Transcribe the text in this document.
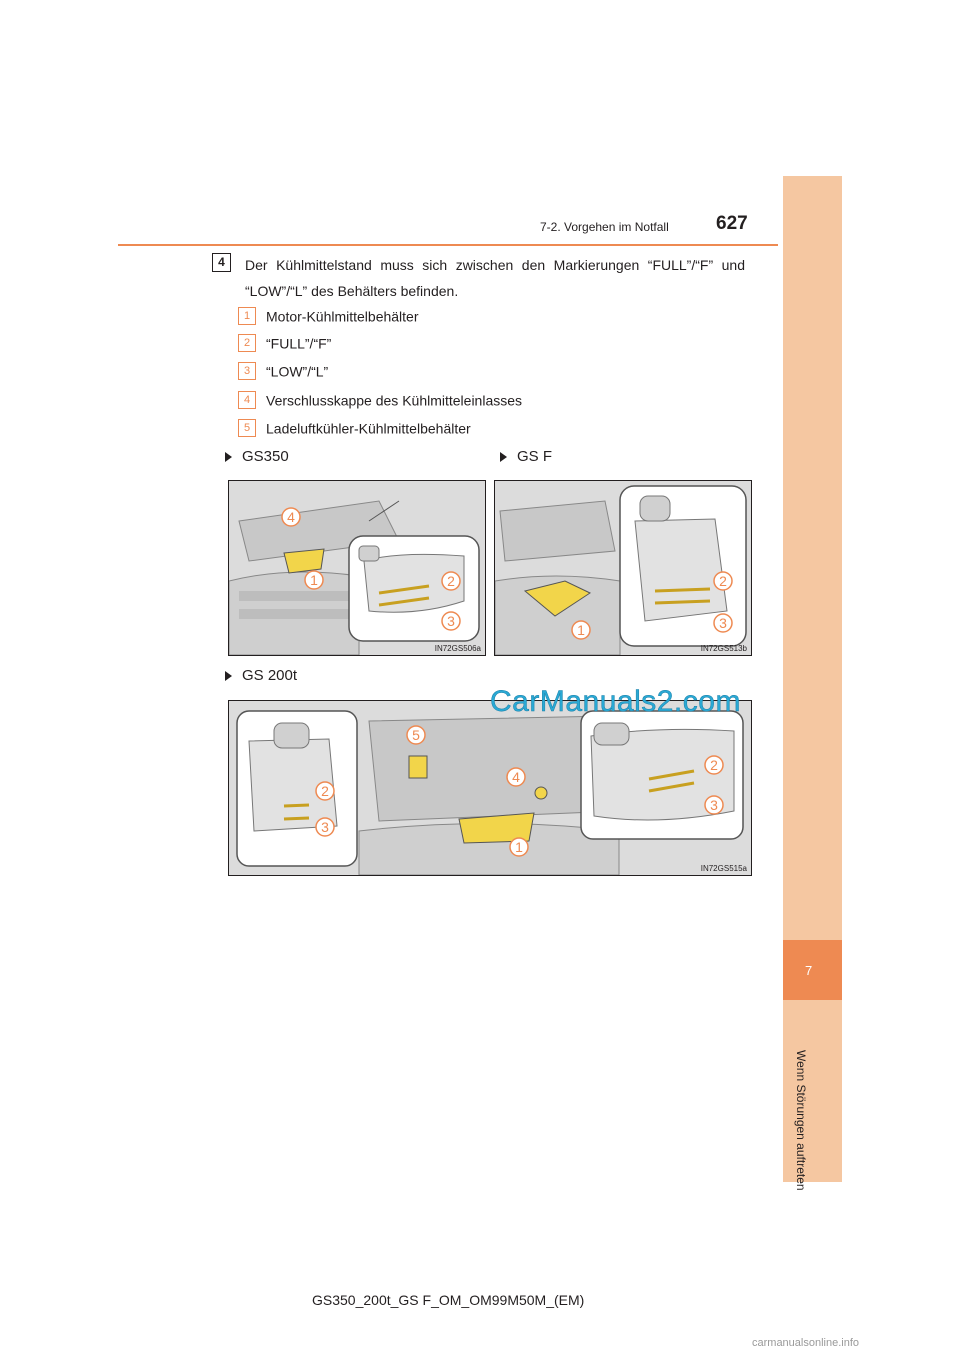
7-2. Vorgehen im Notfall 627
7
Wenn Störungen auftreten
4	Der Kühlmittelstand muss sich zwischen den Markierungen “FULL”/“F” und “LOW”/“L” des Behälters befinden.
1 Motor-Kühlmittelbehälter
2 “FULL”/“F”
3 “LOW”/“L”
4 Verschlusskappe des Kühlmitteleinlasses
5 Ladeluftkühler-Kühlmittelbehälter
GS350	GS F
GS 200t
4
1	2
3
IN72GS506a
2
3
1
IN72GS513b
5
4
1
2
3
2
3
IN72GS515a
CarManuals2.com
GS350_200t_GS F_OM_OM99M50M_(EM)
carmanualsonline.info
